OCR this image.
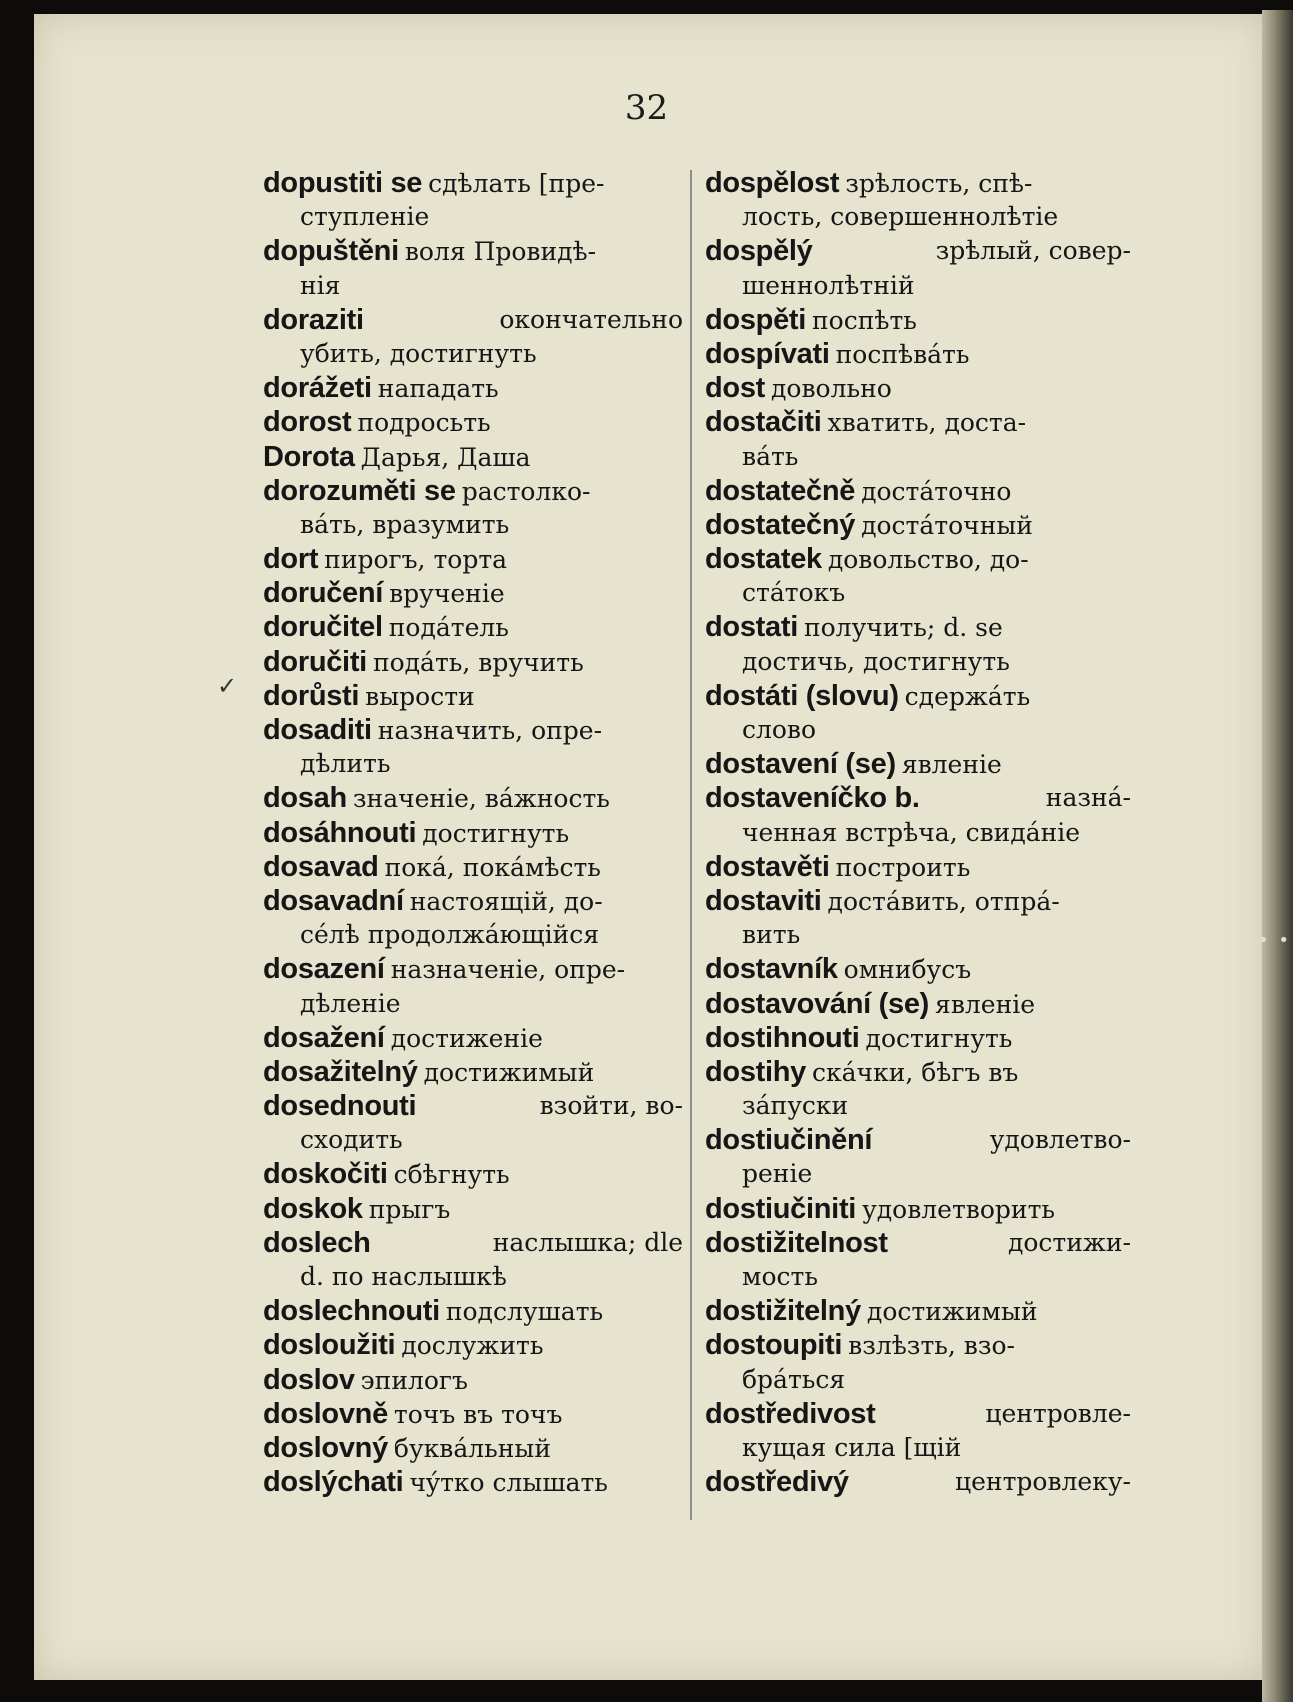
32
✓
• •
dopustiti se сдѣлать [пре-
ступленіе
dopuštěni воля Провидѣ-
нія
doraziti	окончательно
убить, достигнуть
dorážeti нападать
dorost подросьть
Dorota Дарья, Даша
dorozuměti se растолко-
вáть, вразумить
dort пирогъ, торта
doručení врученіе
doručitel подáтель
doručiti подáть, вручить
dorůsti вырости
dosaditi назначить, опре-
дѣлить
dosah значеніе, вáжность
dosáhnouti достигнуть
dosavad покá, покáмѣсть
dosavadní настоящій, до-
сéлѣ продолжáющійся
dosazení назначеніе, опре-
дѣленіе
dosažení достиженіе
dosažitelný достижимый
dosednouti	взойти, во-
сходить
doskočiti сбѣгнуть
doskok прыгъ
doslech	наслышка; dle
d. по наслышкѣ
doslechnouti подслушать
dosloužiti дослужить
doslov эпилогъ
doslovně точъ въ точъ
doslovný буквáльный
doslýchati чýтко слышать
dospělost зрѣлость, спѣ-
лость, совершеннолѣтіе
dospělý	зрѣлый, совер-
шеннолѣтній
dospěti поспѣть
dospívati поспѣвáть
dost довольно
dostačiti хватить, доста-
вáть
dostatečně достáточно
dostatečný достáточный
dostatek довольство, до-
стáтокъ
dostati получить; d. se
достичь, достигнуть
dostáti (slovu) сдержáть
слово
dostavení (se) явленіе
dostaveníčko b.	назнá-
ченная встрѣча, свидáніе
dostavěti построить
dostaviti достáвить, отпрá-
вить
dostavník омнибусъ
dostavování (se) явленіе
dostihnouti достигнуть
dostihy скáчки, бѣгъ въ
зáпуски
dostiučinění	удовлетво-
реніе
dostiučiniti удовлетворить
dostižitelnost	достижи-
мость
dostižitelný достижимый
dostoupiti взлѣзть, взо-
брáться
dostředivost	центровле-
кущая сила [щій
dostředivý	центровлеку-
